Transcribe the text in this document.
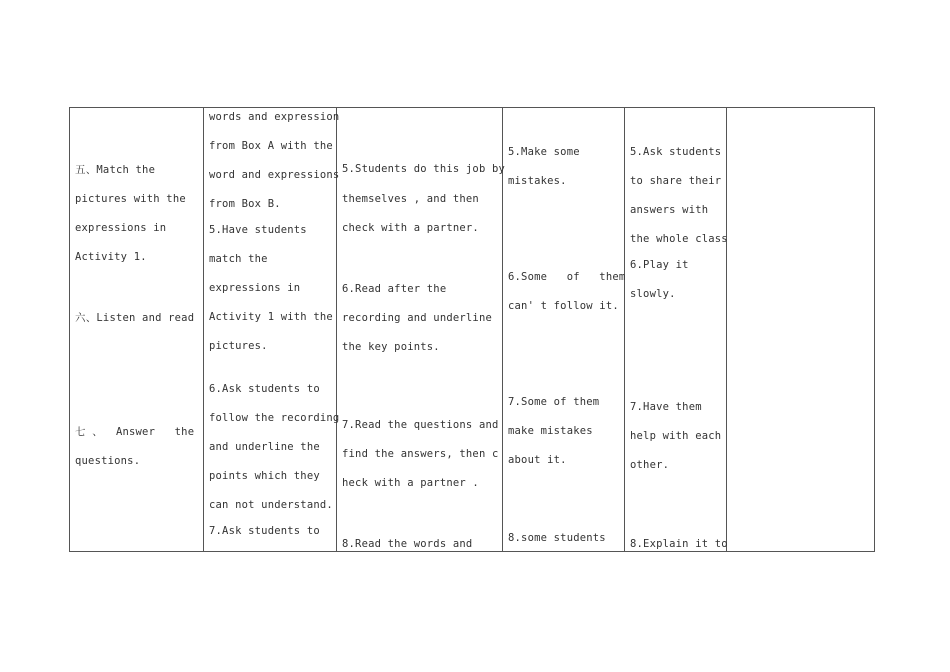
五、Match the
pictures with the
expressions in
Activity 1.
六、Listen and read
七 、  Answer   the
questions.
words and expression
from Box A with the
word and expressions
from Box B.
5.Have students
match the
expressions in
Activity 1 with the
pictures.
6.Ask students to
follow the recording
and underline the
points which they
can not understand.
7.Ask students to
5.Students do this job by
themselves , and then
check with a partner.
6.Read after the
recording and underline
the key points.
7.Read the questions and
find the answers, then c
heck with a partner .
8.Read the words and
5.Make some
mistakes.
6.Some   of   them
can' t follow it.
7.Some of them
make mistakes
about it.
8.some students
5.Ask students
to share their
answers with
the whole class
6.Play it
slowly.
7.Have them
help with each
other.
8.Explain it to
